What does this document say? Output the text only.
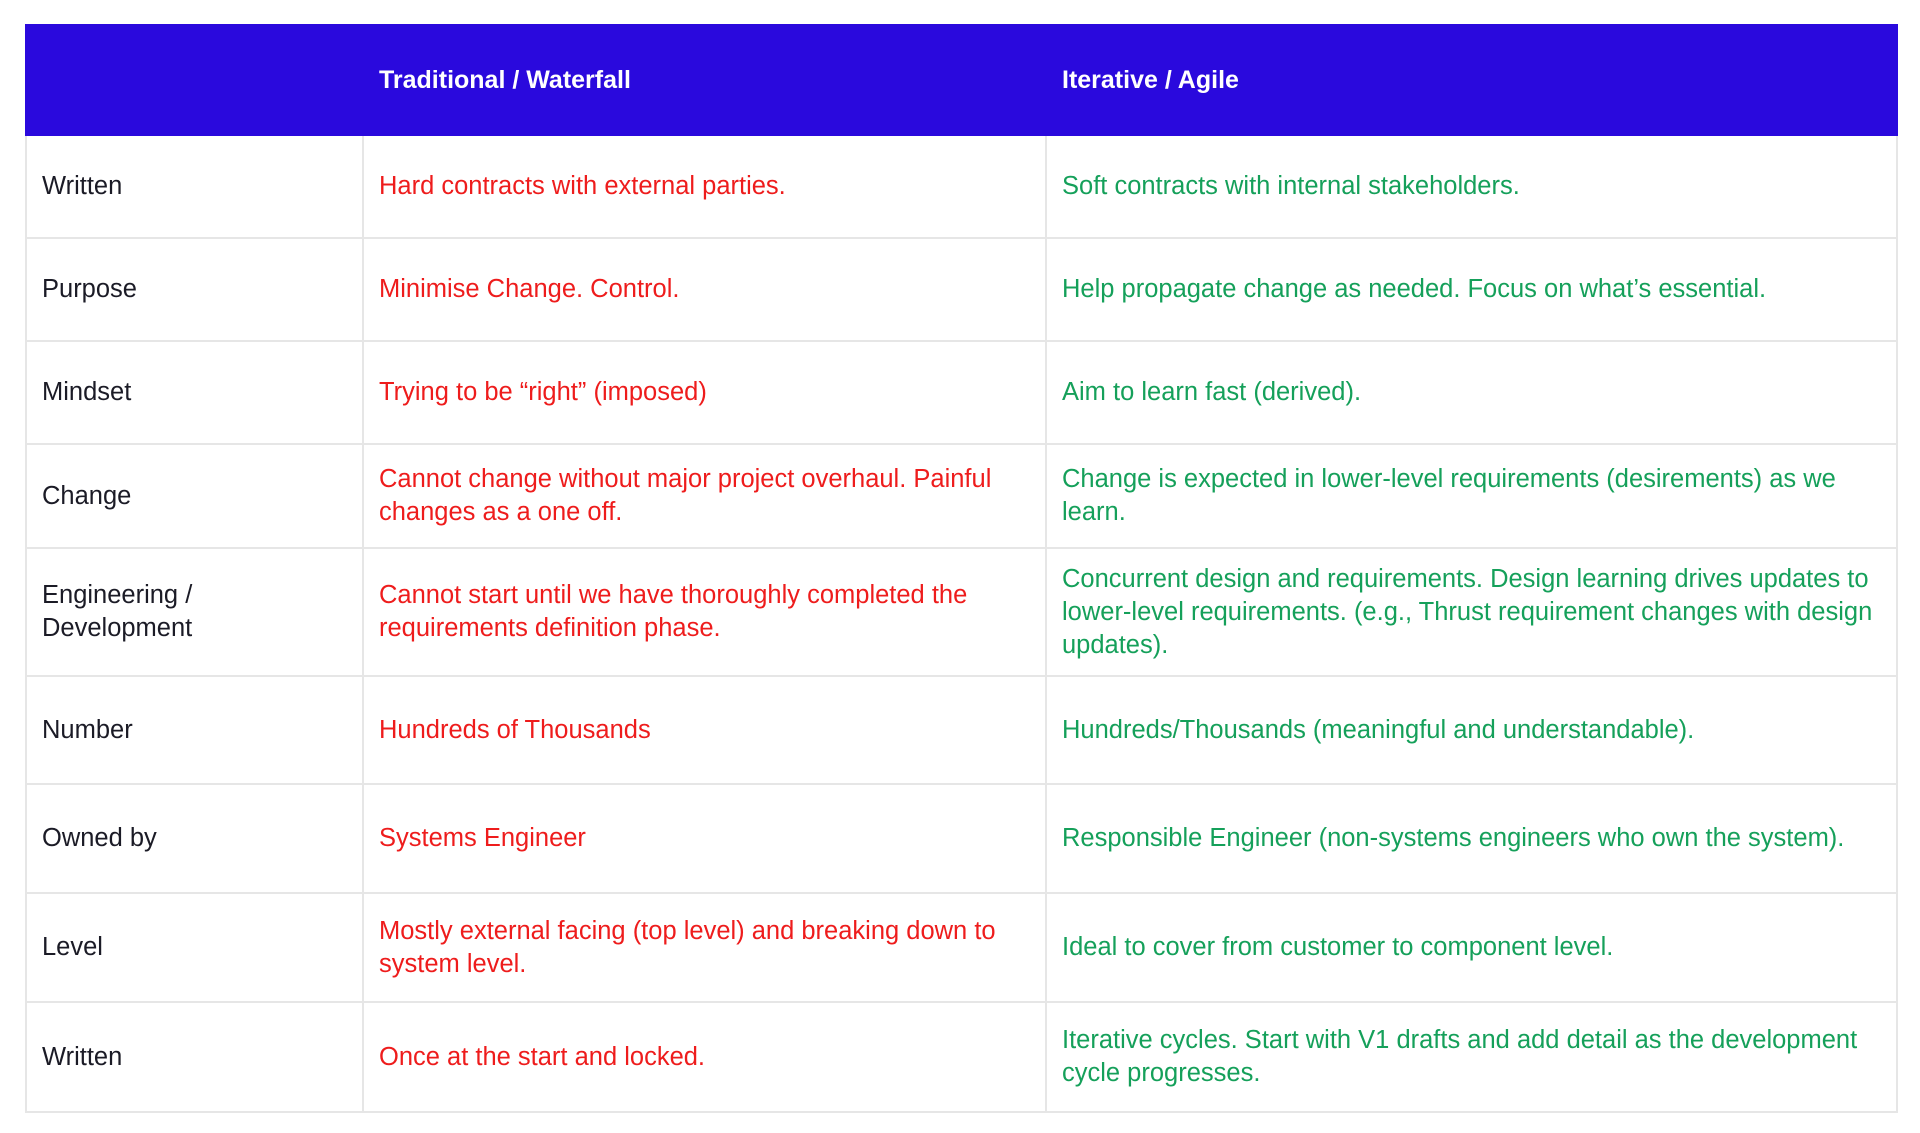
	Traditional / Waterfall	Iterative / Agile
Written	Hard contracts with external parties.	Soft contracts with internal stakeholders.
Purpose	Minimise Change. Control.	Help propagate change as needed. Focus on what’s essential.
Mindset	Trying to be “right” (imposed)	Aim to learn fast (derived).
Change	Cannot change without major project overhaul. Painful changes as a one off.	Change is expected in lower-level requirements (desirements) as we learn.
Engineering / Development	Cannot start until we have thoroughly completed the requirements definition phase.	Concurrent design and requirements. Design learning drives updates to lower-level requirements. (e.g., Thrust requirement changes with design updates).
Number	Hundreds of Thousands	Hundreds/Thousands (meaningful and understandable).
Owned by	Systems Engineer	Responsible Engineer (non-systems engineers who own the system).
Level	Mostly external facing (top level) and breaking down to system level.	Ideal to cover from customer to component level.
Written	Once at the start and locked.	Iterative cycles. Start with V1 drafts and add detail as the development cycle progresses.
